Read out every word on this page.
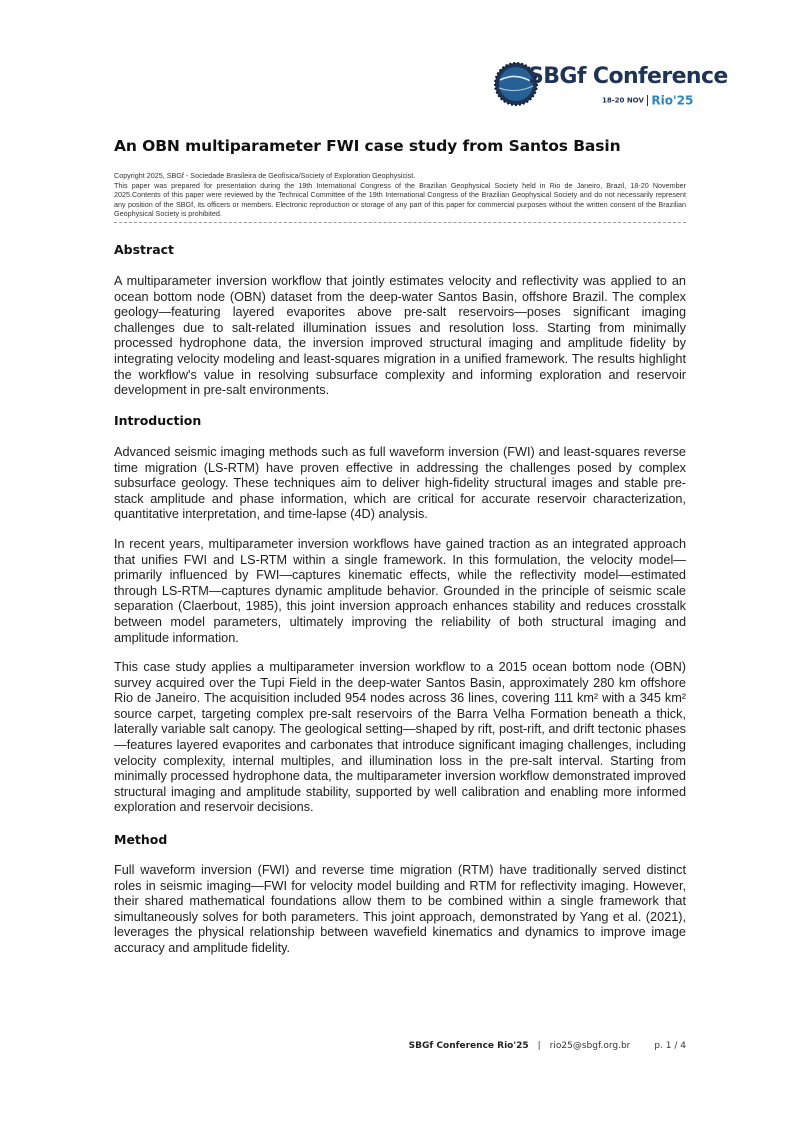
SBGf Conference
18-20 NOV Rio'25
An OBN multiparameter FWI case study from Santos Basin

Copyright 2025, SBGf - Sociedade Brasileira de Geofísica/Society of Exploration Geophysicist.

This paper was prepared for presentation during the 19th International Congress of the Brazilian Geophysical Society held in Rio de Janeiro, Brazil, 18-20 November 2025.Contents of this paper were reviewed by the Technical Committee of the 19th International Congress of the Brazilian Geophysical Society and do not necessarily represent any position of the SBGf, its officers or members. Electronic reproduction or storage of any part of this paper for commercial purposes without the written consent of the Brazilian Geophysical Society is prohibited.

Abstract

A multiparameter inversion workflow that jointly estimates velocity and reflectivity was applied to an ocean bottom node (OBN) dataset from the deep-water Santos Basin, offshore Brazil. The complex geology—featuring layered evaporites above pre-salt reservoirs—poses significant imaging challenges due to salt-related illumination issues and resolution loss. Starting from minimally processed hydrophone data, the inversion improved structural imaging and amplitude fidelity by integrating velocity modeling and least-squares migration in a unified framework. The results highlight the workflow's value in resolving subsurface complexity and informing exploration and reservoir development in pre-salt environments.

Introduction

Advanced seismic imaging methods such as full waveform inversion (FWI) and least-squares reverse time migration (LS-RTM) have proven effective in addressing the challenges posed by complex subsurface geology. These techniques aim to deliver high-fidelity structural images and stable pre-stack amplitude and phase information, which are critical for accurate reservoir characterization, quantitative interpretation, and time-lapse (4D) analysis.

In recent years, multiparameter inversion workflows have gained traction as an integrated approach that unifies FWI and LS-RTM within a single framework. In this formulation, the velocity model—primarily influenced by FWI—captures kinematic effects, while the reflectivity model—estimated through LS-RTM—captures dynamic amplitude behavior. Grounded in the principle of seismic scale separation (Claerbout, 1985), this joint inversion approach enhances stability and reduces crosstalk between model parameters, ultimately improving the reliability of both structural imaging and amplitude information.

This case study applies a multiparameter inversion workflow to a 2015 ocean bottom node (OBN) survey acquired over the Tupi Field in the deep-water Santos Basin, approximately 280 km offshore Rio de Janeiro. The acquisition included 954 nodes across 36 lines, covering 111 km² with a 345 km² source carpet, targeting complex pre-salt reservoirs of the Barra Velha Formation beneath a thick, laterally variable salt canopy. The geological setting—shaped by rift, post-rift, and drift tectonic phases—features layered evaporites and carbonates that introduce significant imaging challenges, including velocity complexity, internal multiples, and illumination loss in the pre-salt interval. Starting from minimally processed hydrophone data, the multiparameter inversion workflow demonstrated improved structural imaging and amplitude stability, supported by well calibration and enabling more informed exploration and reservoir decisions.

Method

Full waveform inversion (FWI) and reverse time migration (RTM) have traditionally served distinct roles in seismic imaging—FWI for velocity model building and RTM for reflectivity imaging. However, their shared mathematical foundations allow them to be combined within a single framework that simultaneously solves for both parameters. This joint approach, demonstrated by Yang et al. (2021), leverages the physical relationship between wavefield kinematics and dynamics to improve image accuracy and amplitude fidelity.

SBGf Conference Rio'25 | rio25@sbgf.org.br	p. 1 / 4
